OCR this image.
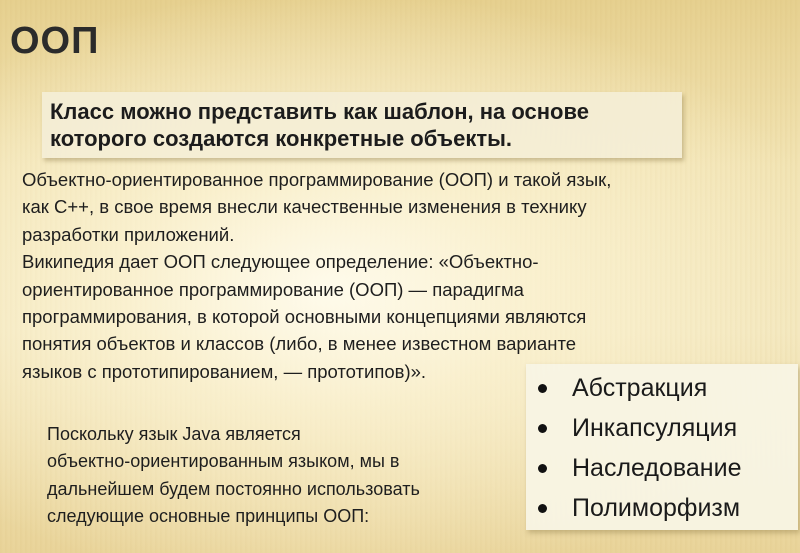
ООП

Класс можно представить как шаблон, на основе
которого создаются конкретные объекты.

Объектно-ориентированное программирование (ООП) и такой язык,

как C++, в свое время внесли качественные изменения в технику

разработки приложений.

Википедия дает ООП следующее определение: «Объектно-

ориентированное программирование (ООП) — парадигма

программирования, в которой основными концепциями являются

понятия объектов и классов (либо, в менее известном варианте

языков с прототипированием, — прототипов)».

Поскольку язык Java является

объектно-ориентированным языком, мы в

дальнейшем будем постоянно использовать

следующие основные принципы ООП:

Абстракция
Инкапсуляция
Наследование
Полиморфизм
